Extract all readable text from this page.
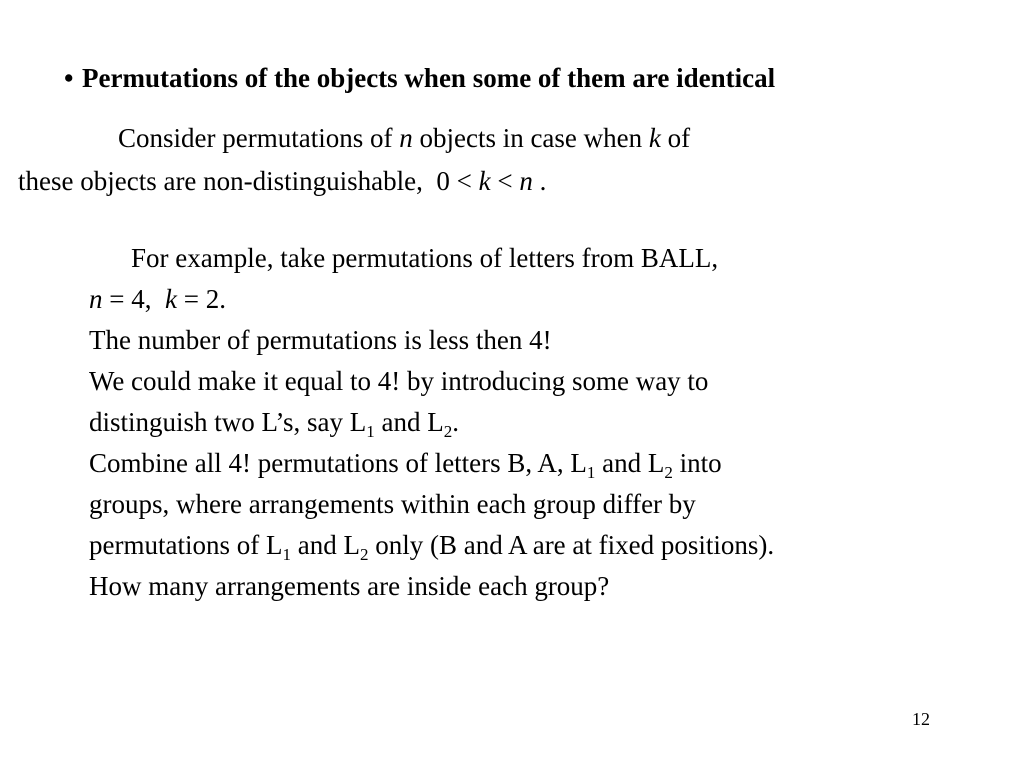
• Permutations of the objects when some of them are identical
Consider permutations of n objects in case when k of
these objects are non-distinguishable, 0 < k < n .
For example, take permutations of letters from BALL,
n = 4, k = 2.
The number of permutations is less then 4!
We could make it equal to 4! by introducing some way to
distinguish two L’s, say $L_1$ and $L_2$.
Combine all 4! permutations of letters B, A, $L_1$ and $L_2$ into
groups, where arrangements within each group differ by
permutations of $L_1$ and $L_2$ only (B and A are at fixed positions).
How many arrangements are inside each group?
12
